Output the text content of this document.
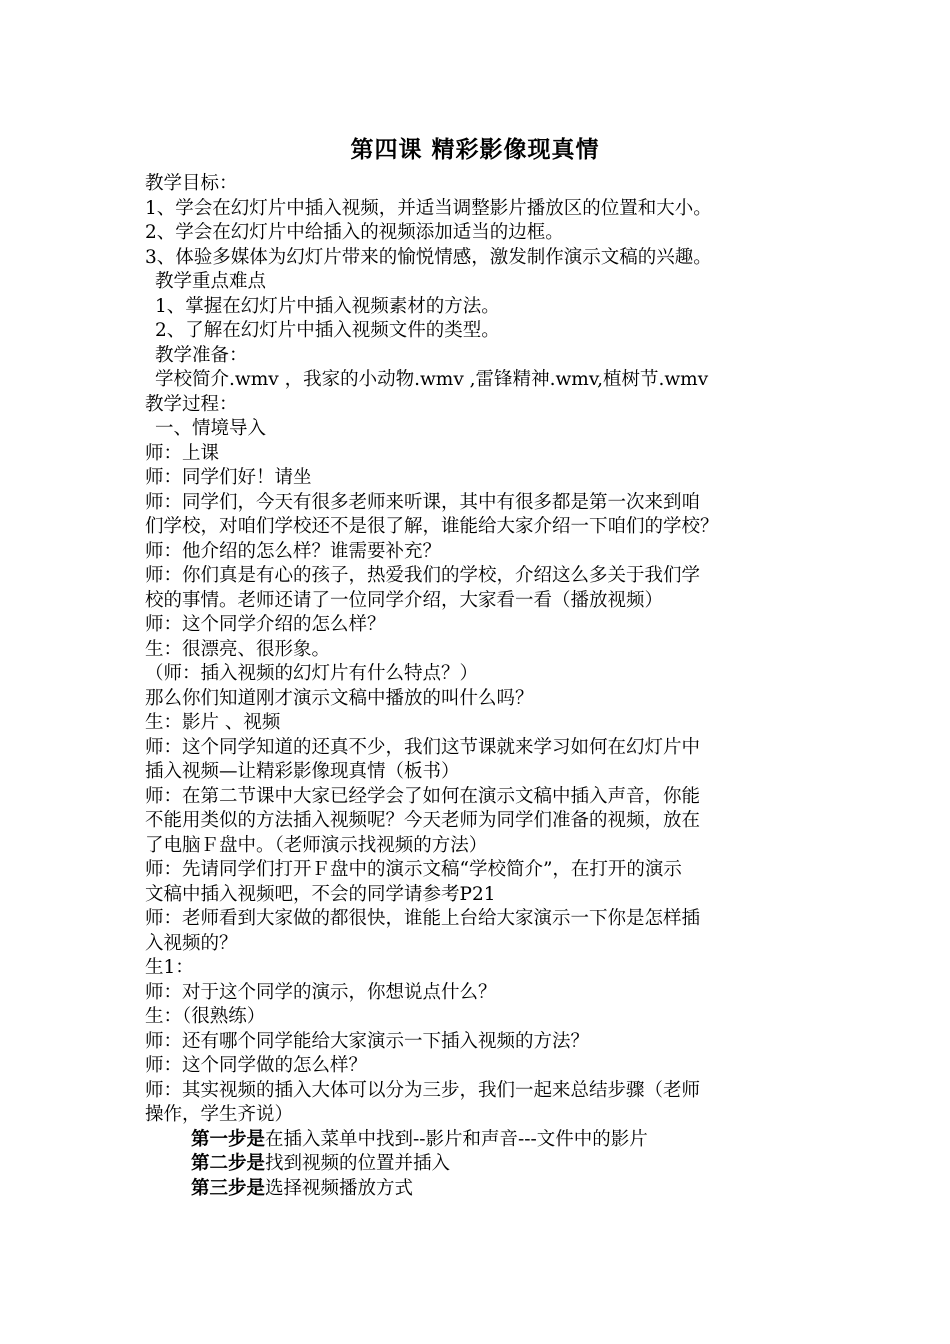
第四课 精彩影像现真情
教学目标：
1、学会在幻灯片中插入视频，并适当调整影片播放区的位置和大小。
2、学会在幻灯片中给插入的视频添加适当的边框。
3、体验多媒体为幻灯片带来的愉悦情感，激发制作演示文稿的兴趣。
教学重点难点
1、掌握在幻灯片中插入视频素材的方法。
2、了解在幻灯片中插入视频文件的类型。
教学准备：
学校简介.wmv ，我家的小动物.wmv ,雷锋精神.wmv,植树节.wmv
教学过程：
一、情境导入
师：上课
师：同学们好！请坐
师：同学们，今天有很多老师来听课，其中有很多都是第一次来到咱
们学校，对咱们学校还不是很了解，谁能给大家介绍一下咱们的学校？
师：他介绍的怎么样？谁需要补充？
师：你们真是有心的孩子，热爱我们的学校，介绍这么多关于我们学
校的事情。老师还请了一位同学介绍，大家看一看（播放视频）
师：这个同学介绍的怎么样？
生：很漂亮、很形象。
（师：插入视频的幻灯片有什么特点？）
那么你们知道刚才演示文稿中播放的叫什么吗？
生：影片 、视频
师：这个同学知道的还真不少，我们这节课就来学习如何在幻灯片中
插入视频—让精彩影像现真情（板书）
师：在第二节课中大家已经学会了如何在演示文稿中插入声音，你能
不能用类似的方法插入视频呢？今天老师为同学们准备的视频，放在
了电脑Ｆ盘中。（老师演示找视频的方法）
师：先请同学们打开Ｆ盘中的演示文稿“学校简介”，在打开的演示
文稿中插入视频吧，不会的同学请参考P21
师：老师看到大家做的都很快，谁能上台给大家演示一下你是怎样插
入视频的？
生1：
师：对于这个同学的演示，你想说点什么？
生：（很熟练）
师：还有哪个同学能给大家演示一下插入视频的方法？
师：这个同学做的怎么样？
师：其实视频的插入大体可以分为三步，我们一起来总结步骤（老师
操作，学生齐说）
第一步是在插入菜单中找到--影片和声音---文件中的影片
第二步是找到视频的位置并插入
第三步是选择视频播放方式
